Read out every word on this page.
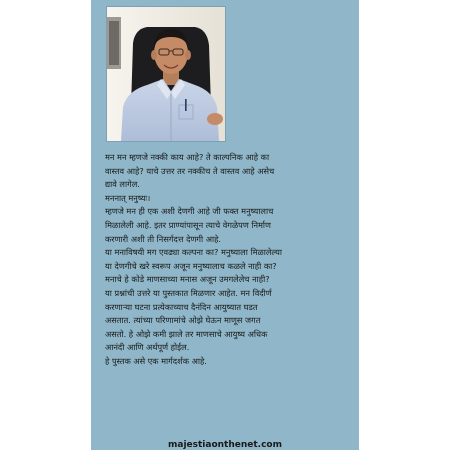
मन मन म्हणजे नक्की काय आहे? ते काल्पनिक आहे का

वास्तव आहे? याचे उत्तर तर नक्कीच ते वास्तव आहे असेच

द्यावे लागेल.

मननात् मनुष्यः।

म्हणजे मन ही एक अशी देणगी आहे जी फक्त मनुष्यालाच

मिळालेली आहे. इतर प्राण्यांपासून त्याचे वेगळेपण निर्माण

करणारी अशी ती निसर्गदत्त देणगी आहे.

या मनाविषयी मग एवढ्या कल्पना का? मनुष्याला मिळालेल्या

या देणगीचे खरे स्वरूप अजून मनुष्यालाच कळले नाही का?

मनाचे हे कोडे माणसाच्या मनास अजून उमगलेलेच नाही?

या प्रश्नांची उत्तरे या पुस्तकात मिळणार आहेत. मन विदीर्ण

करणाऱ्या घटना प्रत्येकाच्याच दैनंदिन आयुष्यात घडत

असतात. त्यांच्या परिणामांचे ओझे घेऊन माणूस जगत

असतो. हे ओझे कमी झाले तर माणसाचे आयुष्य अधिक

आनंदी आणि अर्थपूर्ण होईल.

हे पुस्तक असे एक मार्गदर्शक आहे.

majestiaonthenet.com
